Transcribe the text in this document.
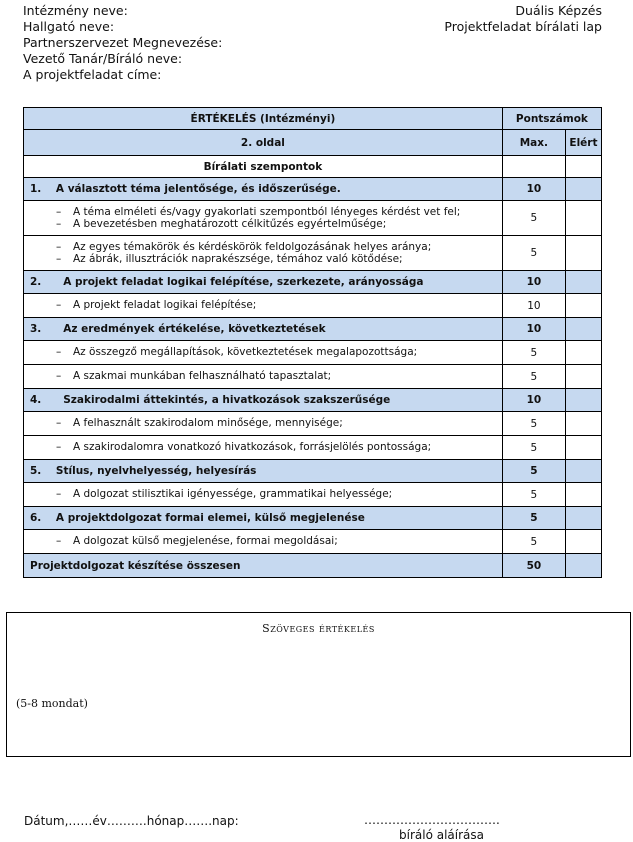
Intézmény neve:
Hallgató neve:
Partnerszervezet Megnevezése:
Vezető Tanár/Bíráló neve:
A projektfeladat címe:
Duális Képzés
Projektfeladat bírálati lap
ÉRTÉKELÉS (Intézményi)	Pontszámok	
2. oldal	Max.	Elért
Bírálati szempontok		
1.    A választott téma jelentősége, és időszerűsége.	10	

– A téma elméleti és/vagy gyakorlati szempontból lényeges kérdést vet fel;
– A bevezetésben meghatározott célkitűzés egyértelműsége;	5	

– Az egyes témakörök és kérdéskörök feldolgozásának helyes aránya;
– Az ábrák, illusztrációk naprakészsége, témához való kötődése;	5	
2.      A projekt feladat logikai felépítése, szerkezete, arányossága	10	

– A projekt feladat logikai felépítése;	10	
3.      Az eredmények értékelése, következtetések	10	

– Az összegző megállapítások, következtetések megalapozottsága;	5	

– A szakmai munkában felhasználható tapasztalat;	5	
4.      Szakirodalmi áttekintés, a hivatkozások szakszerűsége	10	

– A felhasznált szakirodalom minősége, mennyisége;	5	

– A szakirodalomra vonatkozó hivatkozások, forrásjelölés pontossága;	5	
5.    Stílus, nyelvhelyesség, helyesírás	5	

– A dolgozat stilisztikai igényessége, grammatikai helyessége;	5	
6.    A projektdolgozat formai elemei, külső megjelenése	5	

– A dolgozat külső megjelenése, formai megoldásai;	5	
Projektdolgozat készítése összesen	50	
Szöveges értékelés
(5-8 mondat)
Dátum,……év……….hónap…….nap:	…………………………….
bíráló aláírása
